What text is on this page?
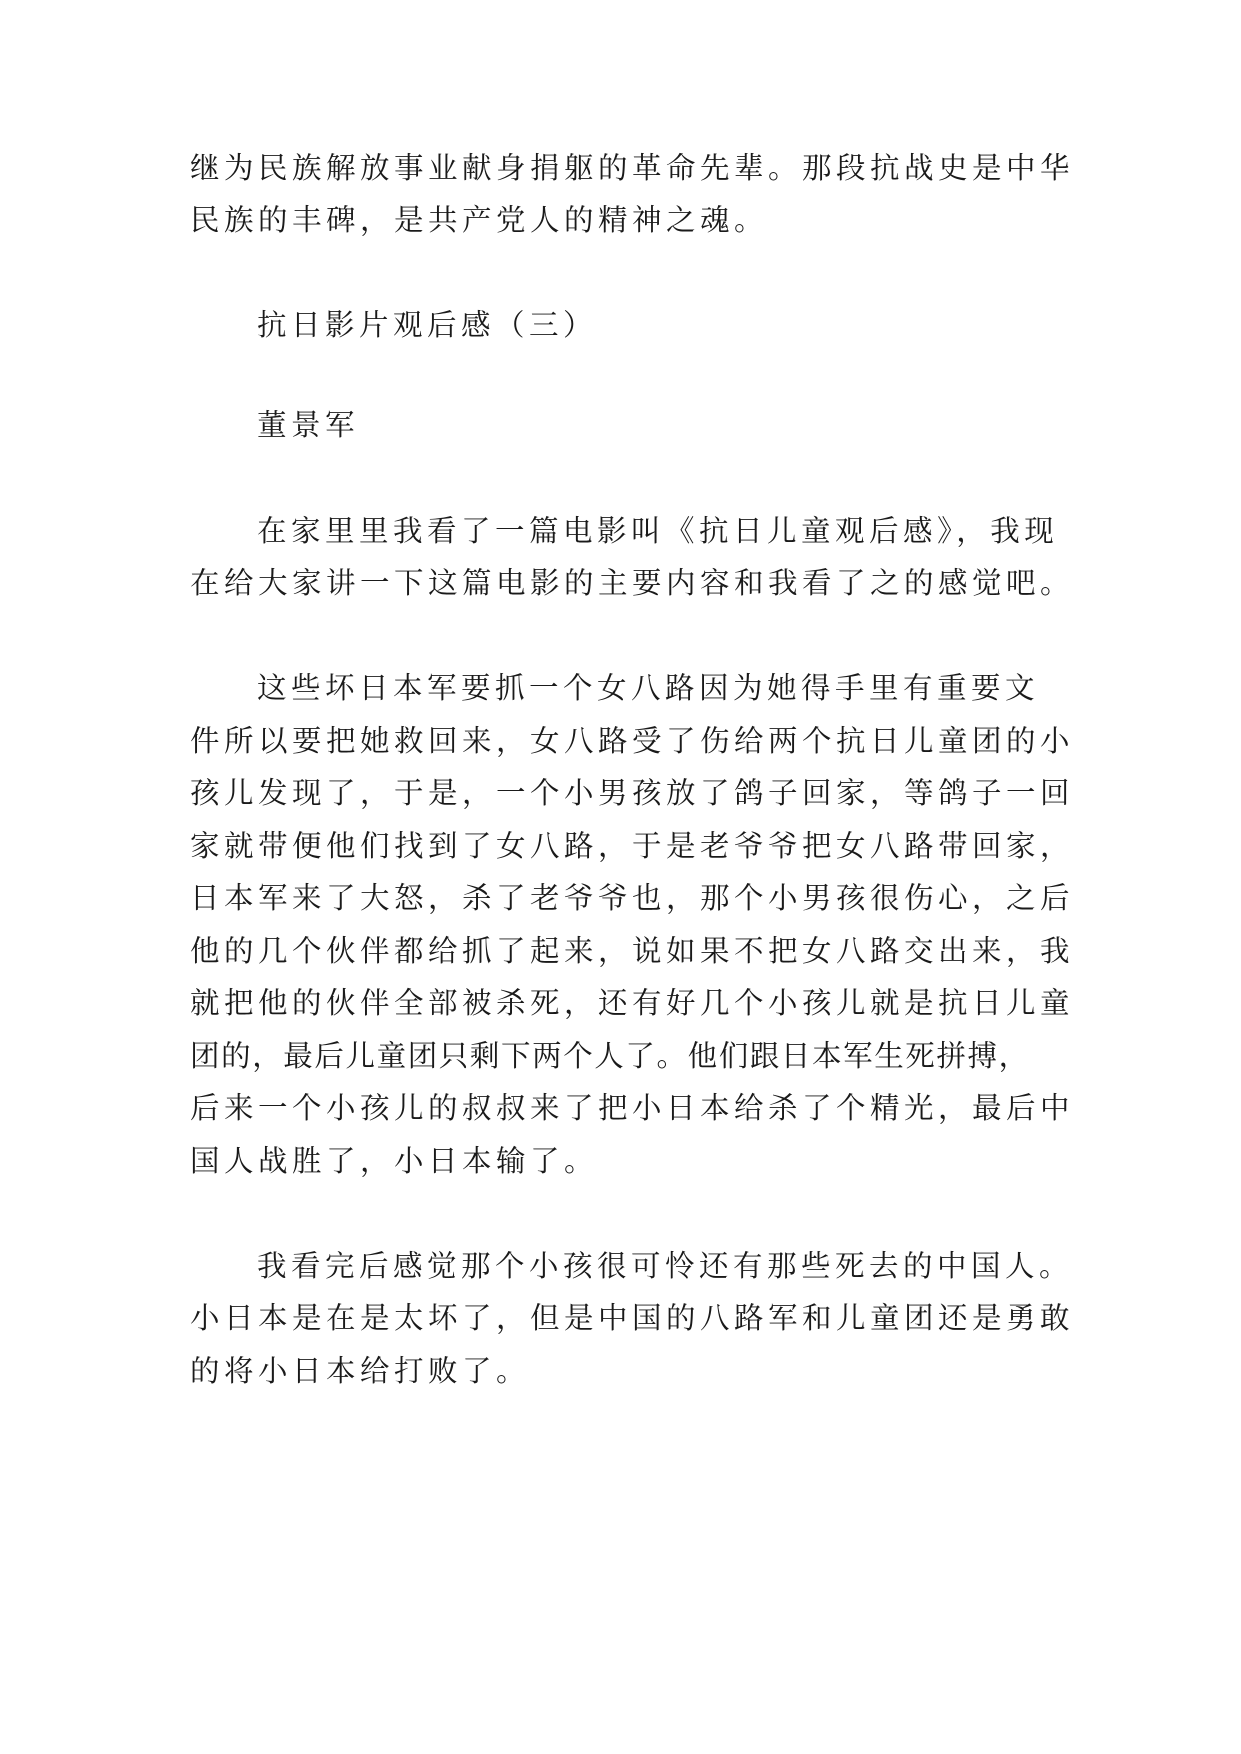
继为民族解放事业献身捐躯的革命先辈。那段抗战史是中华

民族的丰碑，是共产党人的精神之魂。

抗日影片观后感（三）

董景军

在家里里我看了一篇电影叫《抗日儿童观后感》，我现

在给大家讲一下这篇电影的主要内容和我看了之的感觉吧。

这些坏日本军要抓一个女八路因为她得手里有重要文

件所以要把她救回来，女八路受了伤给两个抗日儿童团的小

孩儿发现了，于是，一个小男孩放了鸽子回家，等鸽子一回

家就带便他们找到了女八路，于是老爷爷把女八路带回家，

日本军来了大怒，杀了老爷爷也，那个小男孩很伤心，之后

他的几个伙伴都给抓了起来，说如果不把女八路交出来，我

就把他的伙伴全部被杀死，还有好几个小孩儿就是抗日儿童

团的，最后儿童团只剩下两个人了。他们跟日本军生死拼搏，

后来一个小孩儿的叔叔来了把小日本给杀了个精光，最后中

国人战胜了，小日本输了。

我看完后感觉那个小孩很可怜还有那些死去的中国人。

小日本是在是太坏了，但是中国的八路军和儿童团还是勇敢

的将小日本给打败了。
